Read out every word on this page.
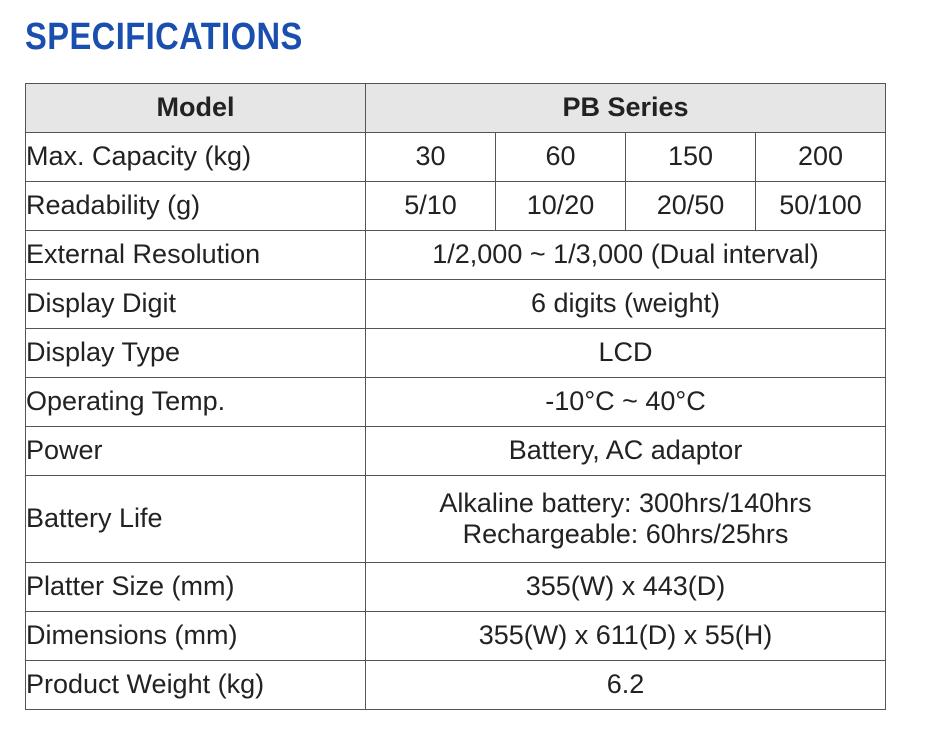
SPECIFICATIONS
Model	PB Series			
Max. Capacity (kg)	30	60	150	200
Readability (g)	5/10	10/20	20/50	50/100
External Resolution	1/2,000 ~ 1/3,000 (Dual interval)			
Display Digit	6 digits (weight)			
Display Type	LCD			
Operating Temp.	-10°C ~ 40°C			
Power	Battery, AC adaptor			
Battery Life	Alkaline battery: 300hrs/140hrs
Rechargeable: 60hrs/25hrs			

Platter Size (mm)	355(W) x 443(D)			
Dimensions (mm)	355(W) x 611(D) x 55(H)			
Product Weight (kg)	6.2			
